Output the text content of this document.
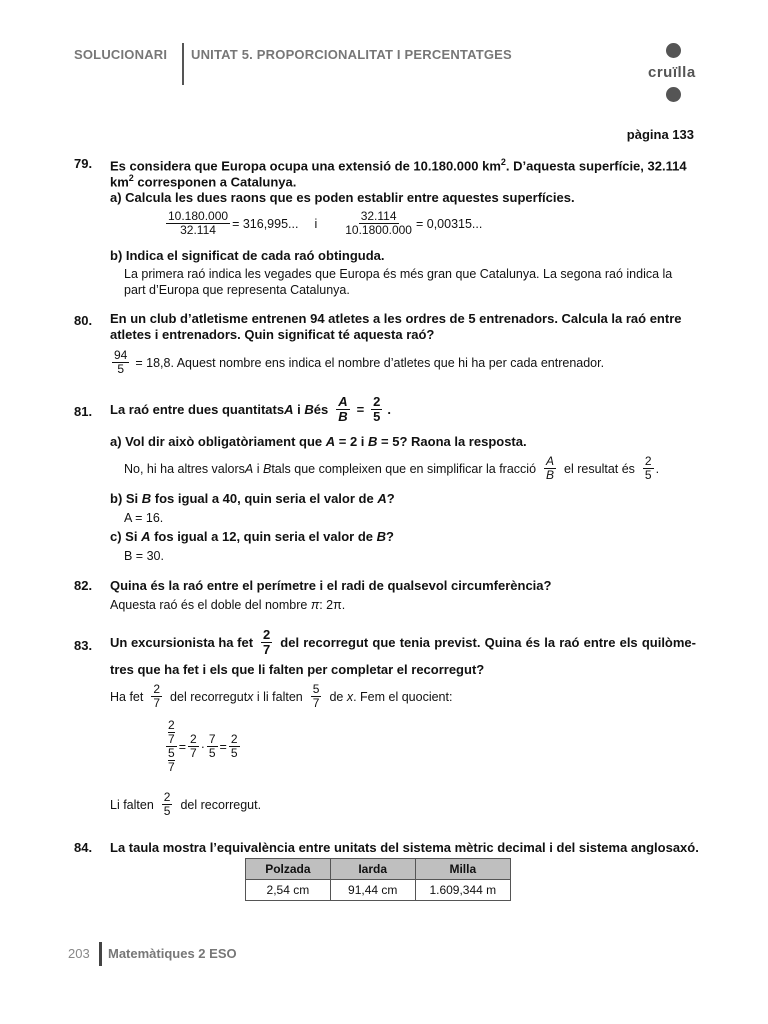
SOLUCIONARI UNITAT 5. PROPORCIONALITAT I PERCENTATGES
cruïlla
pàgina 133
79. Es considera que Europa ocupa una extensió de 10.180.000 $km^2$. D’aquesta superfície, 32.114
$km^2$ corresponen a Catalunya.
a) Calcula les dues raons que es poden establir entre aquestes superfícies.
$\frac{10.180.000}{32.114} = 316,995$... i $\frac{32.114}{10.1800.000} = 0,00315$...
b) Indica el significat de cada raó obtinguda.
La primera raó indica les vegades que Europa és més gran que Catalunya. La segona raó indica la
part d’Europa que representa Catalunya.
80. En un club d’atletisme entrenen 94 atletes a les ordres de 5 entrenadors. Calcula la raó entre
atletes i entrenadors. Quin significat té aquesta raó?
$\frac{94}{5} = 18,8$. Aquest nombre ens indica el nombre d’atletes que hi ha per cada entrenador.
81. La raó entre dues quantitats A i B és $\frac{A}{B} = \frac{2}{5}$ .
a) Vol dir això obligatòriament que A = 2 i B = 5? Raona la resposta.
No, hi ha altres valors A i B tals que compleixen que en simplificar la fracció $\frac{A}{B}$ el resultat és $\frac{2}{5}$ .
b) Si B fos igual a 40, quin seria el valor de A?
A = 16.
c) Si A fos igual a 12, quin seria el valor de B?
B = 30.
82. Quina és la raó entre el perímetre i el radi de qualsevol circumferència?
Aquesta raó és el doble del nombre π: 2π.
83. Un excursionista ha fet $\frac{2}{7}$ del recorregut que tenia previst. Quina és la raó entre els quilòme-
tres que ha fet i els que li falten per completar el recorregut?
Ha fet $\frac{2}{7}$ del recorregut x i li falten $\frac{5}{7}$ de x . Fem el quocient:
2
7
5
$7 = \frac{2}{7} \cdot \frac{7}{5} = \frac{2}{5}$
Li falten $\frac{2}{5}$ del recorregut.
84. La taula mostra l’equivalència entre unitats del sistema mètric decimal i del sistema anglosaxó.
Polzada	Iarda	Milla
2,54 cm	91,44 cm	1.609,344 m
203 Matemàtiques 2 ESO
